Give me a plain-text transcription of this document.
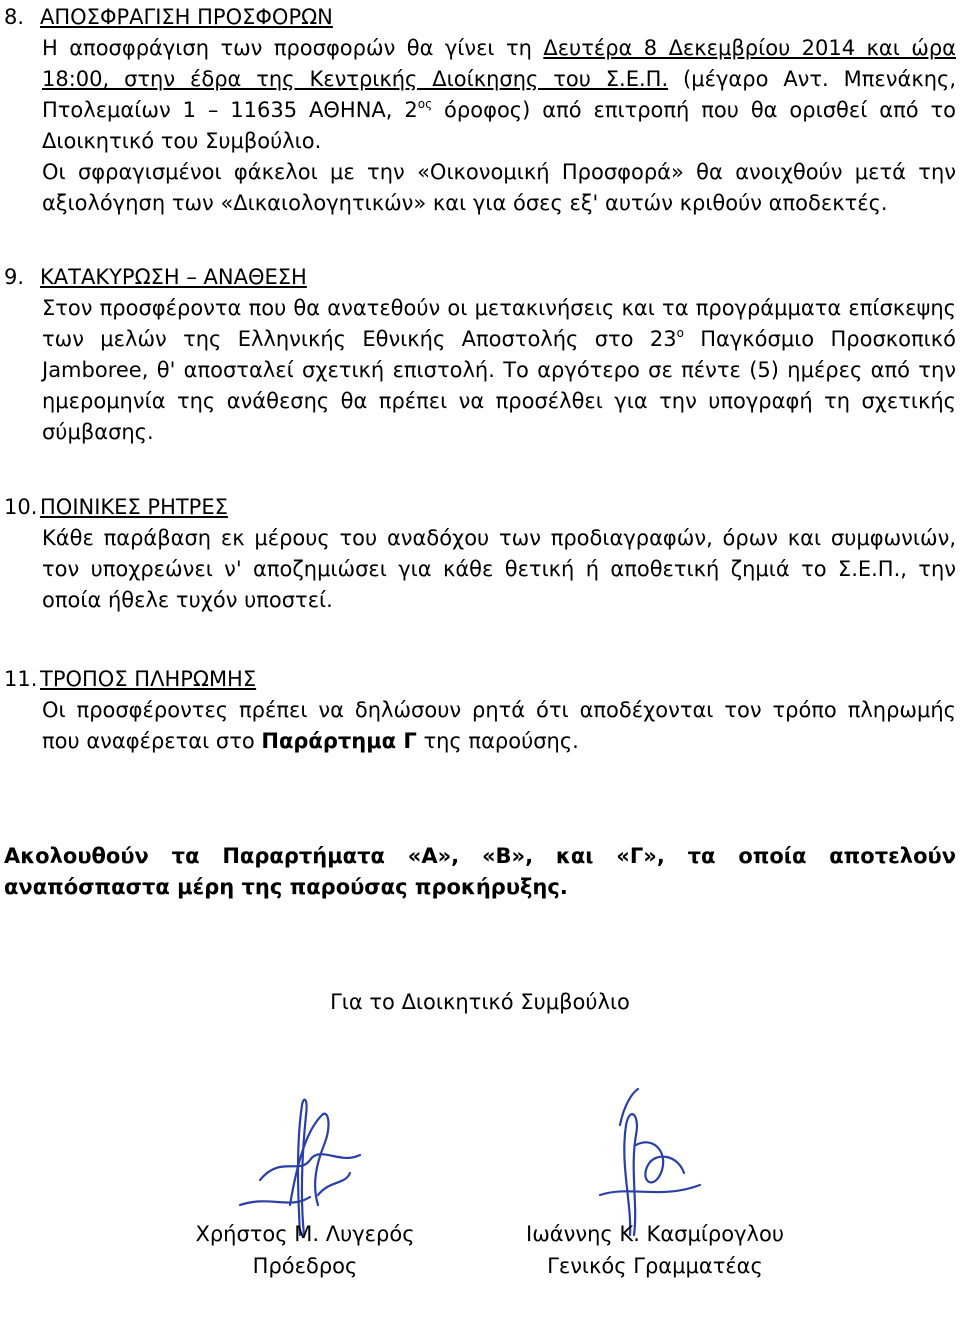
8. ΑΠΟΣΦΡΑΓΙΣΗ ΠΡΟΣΦΟΡΩΝ
Η αποσφράγιση των προσφορών θα γίνει τη Δευτέρα 8 Δεκεμβρίου 2014 και ώρα 18:00, στην έδρα της Κεντρικής Διοίκησης του Σ.Ε.Π. (μέγαρο Αντ. Μπενάκης, Πτολεμαίων 1 – 11635 ΑΘΗΝΑ, $2^{o\varsigma}$ όροφος) από επιτροπή που θα ορισθεί από το Διοικητικό του Συμβούλιο.
Οι σφραγισμένοι φάκελοι με την «Οικονομική Προσφορά» θα ανοιχθούν μετά την αξιολόγηση των «Δικαιολογητικών» και για όσες εξ' αυτών κριθούν αποδεκτές.
9. ΚΑΤΑΚΥΡΩΣΗ – ΑΝΑΘΕΣΗ
Στον προσφέροντα που θα ανατεθούν οι μετακινήσεις και τα προγράμματα επίσκεψης των μελών της Ελληνικής Εθνικής Αποστολής στο $23^o$ Παγκόσμιο Προσκοπικό Jamboree, θ' αποσταλεί σχετική επιστολή. Το αργότερο σε πέντε (5) ημέρες από την ημερομηνία της ανάθεσης θα πρέπει να προσέλθει για την υπογραφή τη σχετικής σύμβασης.
10. ΠΟΙΝΙΚΕΣ ΡΗΤΡΕΣ
Κάθε παράβαση εκ μέρους του αναδόχου των προδιαγραφών, όρων και συμφωνιών, τον υποχρεώνει ν' αποζημιώσει για κάθε θετική ή αποθετική ζημιά το Σ.Ε.Π., την οποία ήθελε τυχόν υποστεί.
11. ΤΡΟΠΟΣ ΠΛΗΡΩΜΗΣ
Οι προσφέροντες πρέπει να δηλώσουν ρητά ότι αποδέχονται τον τρόπο πληρωμής που αναφέρεται στο Παράρτημα Γ της παρούσης.
Ακολουθούν τα Παραρτήματα «Α», «Β», και «Γ», τα οποία αποτελούν αναπόσπαστα μέρη της παρούσας προκήρυξης.
Για το Διοικητικό Συμβούλιο
Χρήστος Μ. Λυγερός
Πρόεδρος
Ιωάννης Κ. Κασμίρογλου
Γενικός Γραμματέας
